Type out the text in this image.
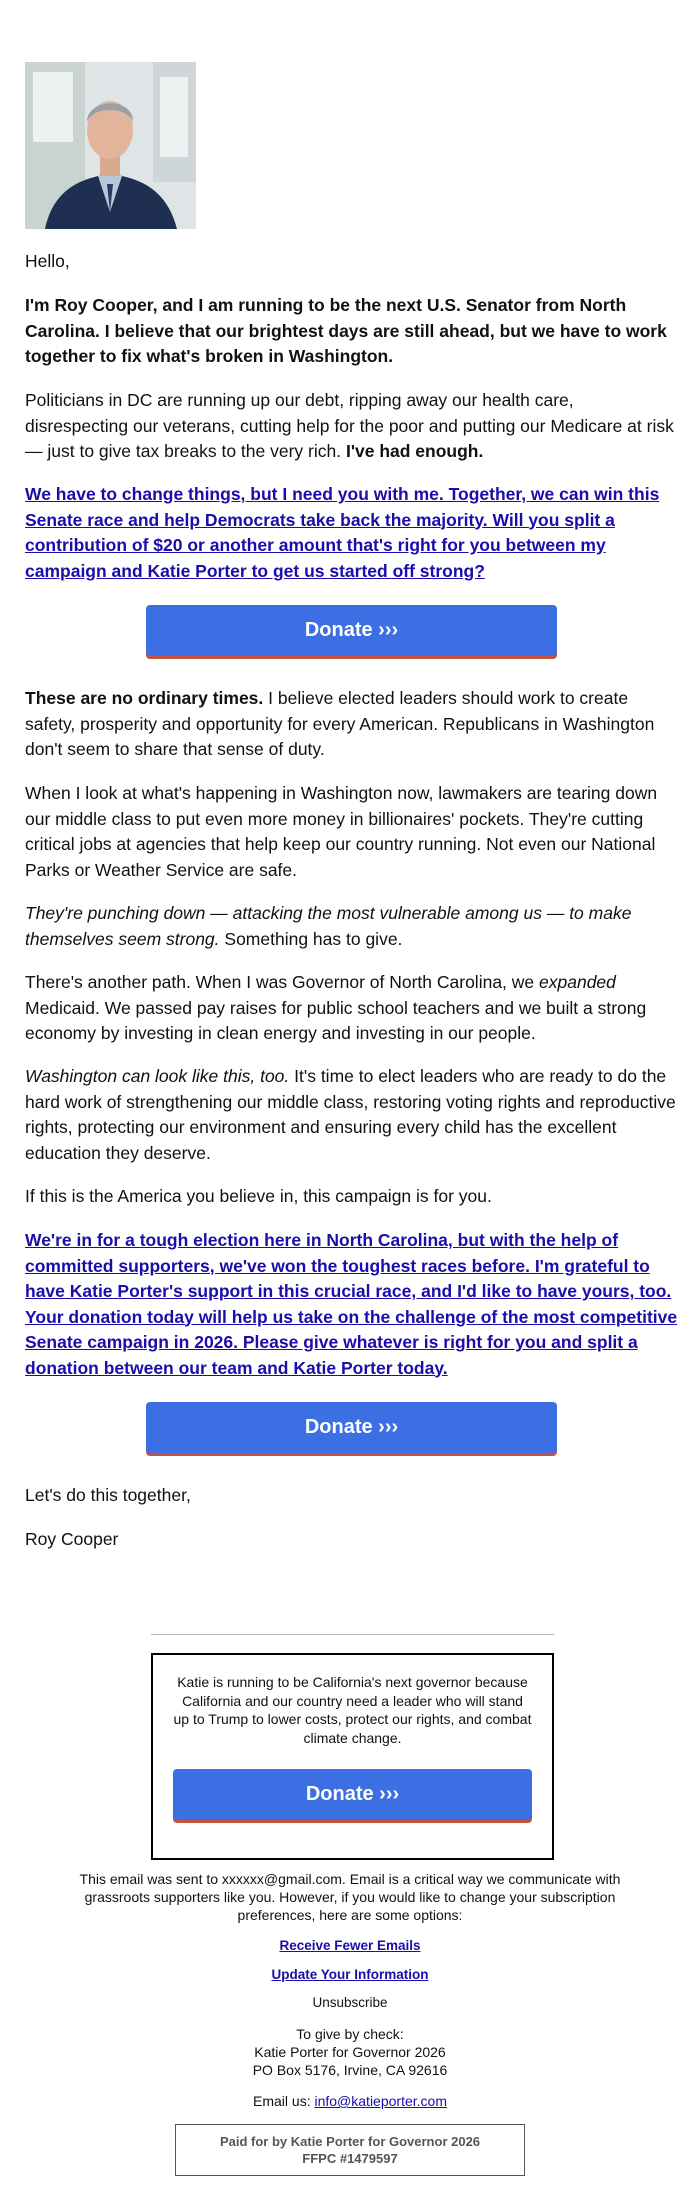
Hello,

I'm Roy Cooper, and I am running to be the next U.S. Senator from North Carolina. I believe that our brightest days are still ahead, but we have to work together to fix what's broken in Washington.

Politicians in DC are running up our debt, ripping away our health care, disrespecting our veterans, cutting help for the poor and putting our Medicare at risk — just to give tax breaks to the very rich. I've had enough.

We have to change things, but I need you with me. Together, we can win this Senate race and help Democrats take back the majority. Will you split a contribution of $20 or another amount that's right for you between my campaign and Katie Porter to get us started off strong?

Donate ›››

These are no ordinary times. I believe elected leaders should work to create safety, prosperity and opportunity for every American. Republicans in Washington don't seem to share that sense of duty.

When I look at what's happening in Washington now, lawmakers are tearing down our middle class to put even more money in billionaires' pockets. They're cutting critical jobs at agencies that help keep our country running. Not even our National Parks or Weather Service are safe.

They're punching down — attacking the most vulnerable among us — to make themselves seem strong. Something has to give.

There's another path. When I was Governor of North Carolina, we expanded Medicaid. We passed pay raises for public school teachers and we built a strong economy by investing in clean energy and investing in our people.

Washington can look like this, too. It's time to elect leaders who are ready to do the hard work of strengthening our middle class, restoring voting rights and reproductive rights, protecting our environment and ensuring every child has the excellent education they deserve.

If this is the America you believe in, this campaign is for you.

We're in for a tough election here in North Carolina, but with the help of committed supporters, we've won the toughest races before. I'm grateful to have Katie Porter's support in this crucial race, and I'd like to have yours, too. Your donation today will help us take on the challenge of the most competitive Senate campaign in 2026. Please give whatever is right for you and split a donation between our team and Katie Porter today.

Donate ›››

Let's do this together,

Roy Cooper

Katie is running to be California's next governor because California and our country need a leader who will stand up to Trump to lower costs, protect our rights, and combat climate change.
Donate ›››
This email was sent to xxxxxx@gmail.com. Email is a critical way we communicate with grassroots supporters like you. However, if you would like to change your subscription preferences, here are some options:
Receive Fewer Emails
Update Your Information
Unsubscribe
To give by check:
Katie Porter for Governor 2026
PO Box 5176, Irvine, CA 92616
Email us: info@katieporter.com
Paid for by Katie Porter for Governor 2026
FFPC #1479597
